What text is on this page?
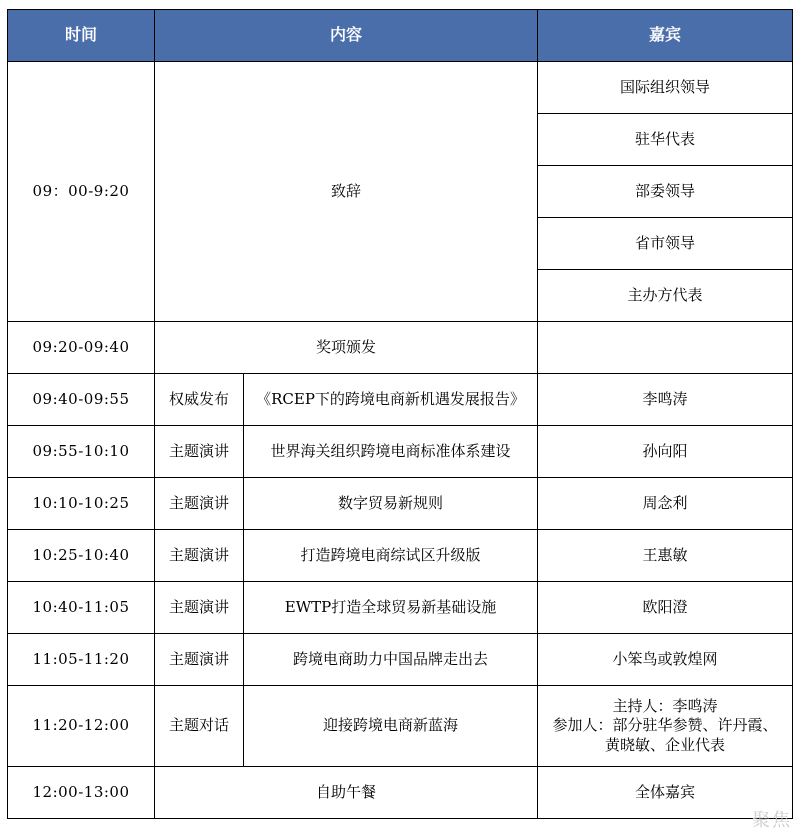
时间	内容		嘉宾
09：00-9:20	致辞		国际组织领导
			驻华代表
			部委领导
			省市领导
			主办方代表
09:20-09:40	奖项颁发		
09:40-09:55	权威发布	《RCEP下的跨境电商新机遇发展报告》	李鸣涛
09:55-10:10	主题演讲	世界海关组织跨境电商标准体系建设	孙向阳
10:10-10:25	主题演讲	数字贸易新规则	周念利
10:25-10:40	主题演讲	打造跨境电商综试区升级版	王惠敏
10:40-11:05	主题演讲	EWTP打造全球贸易新基础设施	欧阳澄
11:05-11:20	主题演讲	跨境电商助力中国品牌走出去	小笨鸟或敦煌网
11:20-12:00	主题对话	迎接跨境电商新蓝海	主持人：李鸣涛
参加人：部分驻华参赞、许丹霞、
黄晓敏、企业代表

12:00-13:00	自助午餐		全体嘉宾
聚焦
